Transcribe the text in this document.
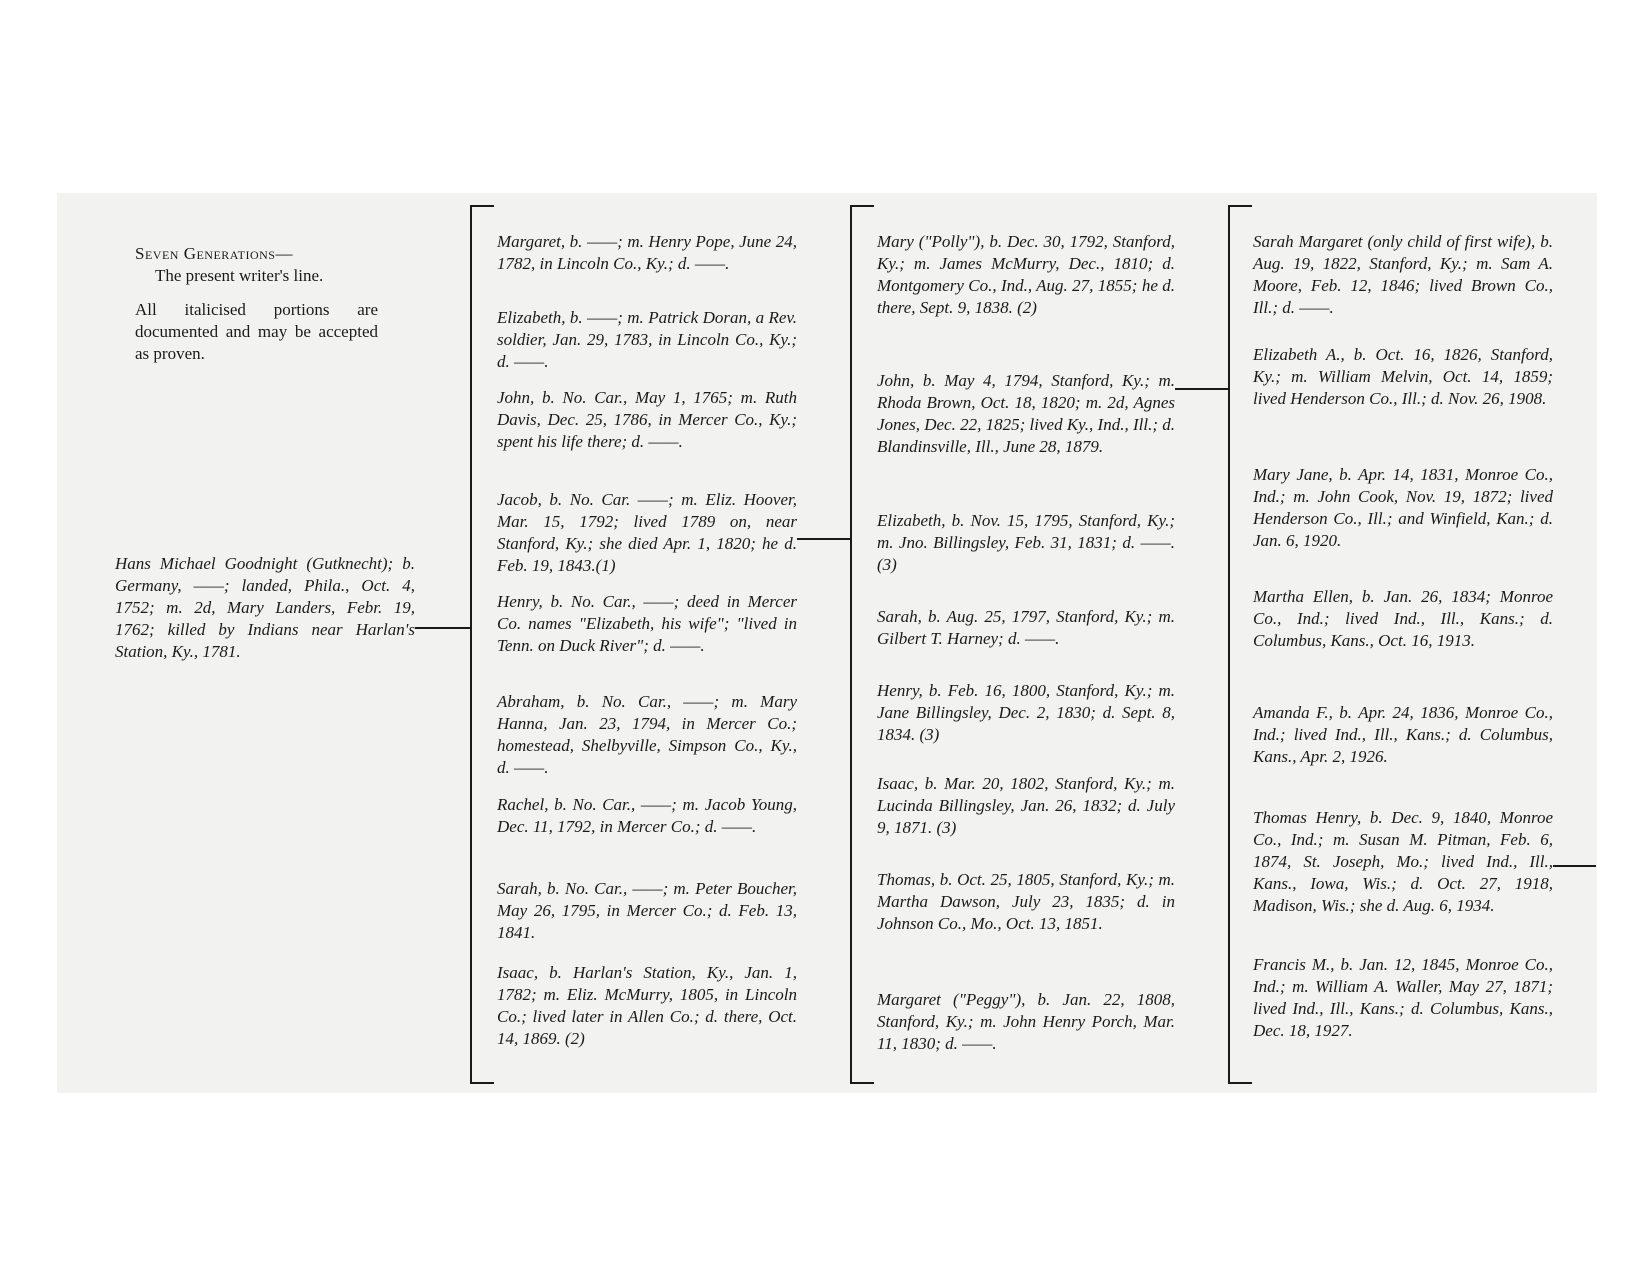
Seven Generations—

The present writer's line.

All italicised portions are documented and may be accepted as proven.

Hans Michael Goodnight (Gutknecht); b. Germany, ——; landed, Phila., Oct. 4, 1752; m. 2d, Mary Landers, Febr. 19, 1762; killed by Indians near Harlan's Station, Ky., 1781.

Margaret, b. ——; m. Henry Pope, June 24, 1782, in Lincoln Co., Ky.; d. ——.

Elizabeth, b. ——; m. Patrick Doran, a Rev. soldier, Jan. 29, 1783, in Lincoln Co., Ky.; d. ——.

John, b. No. Car., May 1, 1765; m. Ruth Davis, Dec. 25, 1786, in Mercer Co., Ky.; spent his life there; d. ——.

Jacob, b. No. Car. ——; m. Eliz. Hoover, Mar. 15, 1792; lived 1789 on, near Stanford, Ky.; she died Apr. 1, 1820; he d. Feb. 19, 1843.(1)

Henry, b. No. Car., ——; deed in Mercer Co. names "Elizabeth, his wife"; "lived in Tenn. on Duck River"; d. ——.

Abraham, b. No. Car., ——; m. Mary Hanna, Jan. 23, 1794, in Mercer Co.; homestead, Shelbyville, Simpson Co., Ky., d. ——.

Rachel, b. No. Car., ——; m. Jacob Young, Dec. 11, 1792, in Mercer Co.; d. ——.

Sarah, b. No. Car., ——; m. Peter Boucher, May 26, 1795, in Mercer Co.; d. Feb. 13, 1841.

Isaac, b. Harlan's Station, Ky., Jan. 1, 1782; m. Eliz. McMurry, 1805, in Lincoln Co.; lived later in Allen Co.; d. there, Oct. 14, 1869. (2)

Mary ("Polly"), b. Dec. 30, 1792, Stanford, Ky.; m. James McMurry, Dec., 1810; d. Montgomery Co., Ind., Aug. 27, 1855; he d. there, Sept. 9, 1838. (2)

John, b. May 4, 1794, Stanford, Ky.; m. Rhoda Brown, Oct. 18, 1820; m. 2d, Agnes Jones, Dec. 22, 1825; lived Ky., Ind., Ill.; d. Blandinsville, Ill., June 28, 1879.

Elizabeth, b. Nov. 15, 1795, Stanford, Ky.; m. Jno. Billingsley, Feb. 31, 1831; d. ——. (3)

Sarah, b. Aug. 25, 1797, Stanford, Ky.; m. Gilbert T. Harney; d. ——.

Henry, b. Feb. 16, 1800, Stanford, Ky.; m. Jane Billingsley, Dec. 2, 1830; d. Sept. 8, 1834. (3)

Isaac, b. Mar. 20, 1802, Stanford, Ky.; m. Lucinda Billingsley, Jan. 26, 1832; d. July 9, 1871. (3)

Thomas, b. Oct. 25, 1805, Stanford, Ky.; m. Martha Dawson, July 23, 1835; d. in Johnson Co., Mo., Oct. 13, 1851.

Margaret ("Peggy"), b. Jan. 22, 1808, Stanford, Ky.; m. John Henry Porch, Mar. 11, 1830; d. ——.

Sarah Margaret (only child of first wife), b. Aug. 19, 1822, Stanford, Ky.; m. Sam A. Moore, Feb. 12, 1846; lived Brown Co., Ill.; d. ——.

Elizabeth A., b. Oct. 16, 1826, Stanford, Ky.; m. William Melvin, Oct. 14, 1859; lived Henderson Co., Ill.; d. Nov. 26, 1908.

Mary Jane, b. Apr. 14, 1831, Monroe Co., Ind.; m. John Cook, Nov. 19, 1872; lived Henderson Co., Ill.; and Winfield, Kan.; d. Jan. 6, 1920.

Martha Ellen, b. Jan. 26, 1834; Monroe Co., Ind.; lived Ind., Ill., Kans.; d. Columbus, Kans., Oct. 16, 1913.

Amanda F., b. Apr. 24, 1836, Monroe Co., Ind.; lived Ind., Ill., Kans.; d. Columbus, Kans., Apr. 2, 1926.

Thomas Henry, b. Dec. 9, 1840, Monroe Co., Ind.; m. Susan M. Pitman, Feb. 6, 1874, St. Joseph, Mo.; lived Ind., Ill., Kans., Iowa, Wis.; d. Oct. 27, 1918, Madison, Wis.; she d. Aug. 6, 1934.

Francis M., b. Jan. 12, 1845, Monroe Co., Ind.; m. William A. Waller, May 27, 1871; lived Ind., Ill., Kans.; d. Columbus, Kans., Dec. 18, 1927.
